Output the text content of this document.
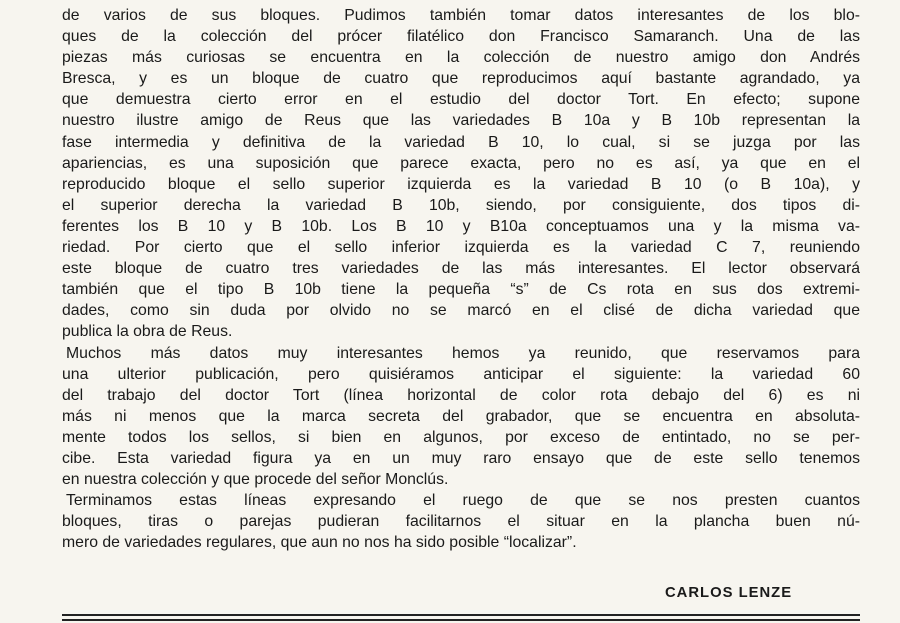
de varios de sus bloques. Pudimos también tomar datos interesantes de los blo-
ques de la colección del prócer filatélico don Francisco Samaranch. Una de las
piezas más curiosas se encuentra en la colección de nuestro amigo don Andrés
Bresca, y es un bloque de cuatro que reproducimos aquí bastante agrandado, ya
que demuestra cierto error en el estudio del doctor Tort. En efecto; supone
nuestro ilustre amigo de Reus que las variedades B 10a y B 10b representan la
fase intermedia y definitiva de la variedad B 10, lo cual, si se juzga por las
apariencias, es una suposición que parece exacta, pero no es así, ya que en el
reproducido bloque el sello superior izquierda es la variedad B 10 (o B 10a), y
el superior derecha la variedad B 10b, siendo, por consiguiente, dos tipos di-
ferentes los B 10 y B 10b. Los B 10 y B10a conceptuamos una y la misma va-
riedad. Por cierto que el sello inferior izquierda es la variedad C 7, reuniendo
este bloque de cuatro tres variedades de las más interesantes. El lector observará
también que el tipo B 10b tiene la pequeña “s” de Cs rota en sus dos extremi-
dades, como sin duda por olvido no se marcó en el clisé de dicha variedad que
publica la obra de Reus.
Muchos más datos muy interesantes hemos ya reunido, que reservamos para
una ulterior publicación, pero quisiéramos anticipar el siguiente: la variedad 60
del trabajo del doctor Tort (línea horizontal de color rota debajo del 6) es ni
más ni menos que la marca secreta del grabador, que se encuentra en absoluta-
mente todos los sellos, si bien en algunos, por exceso de entintado, no se per-
cibe. Esta variedad figura ya en un muy raro ensayo que de este sello tenemos
en nuestra colección y que procede del señor Monclús.
Terminamos estas líneas expresando el ruego de que se nos presten cuantos
bloques, tiras o parejas pudieran facilitarnos el situar en la plancha buen nú-
mero de variedades regulares, que aun no nos ha sido posible “localizar”.
CARLOS LENZE
